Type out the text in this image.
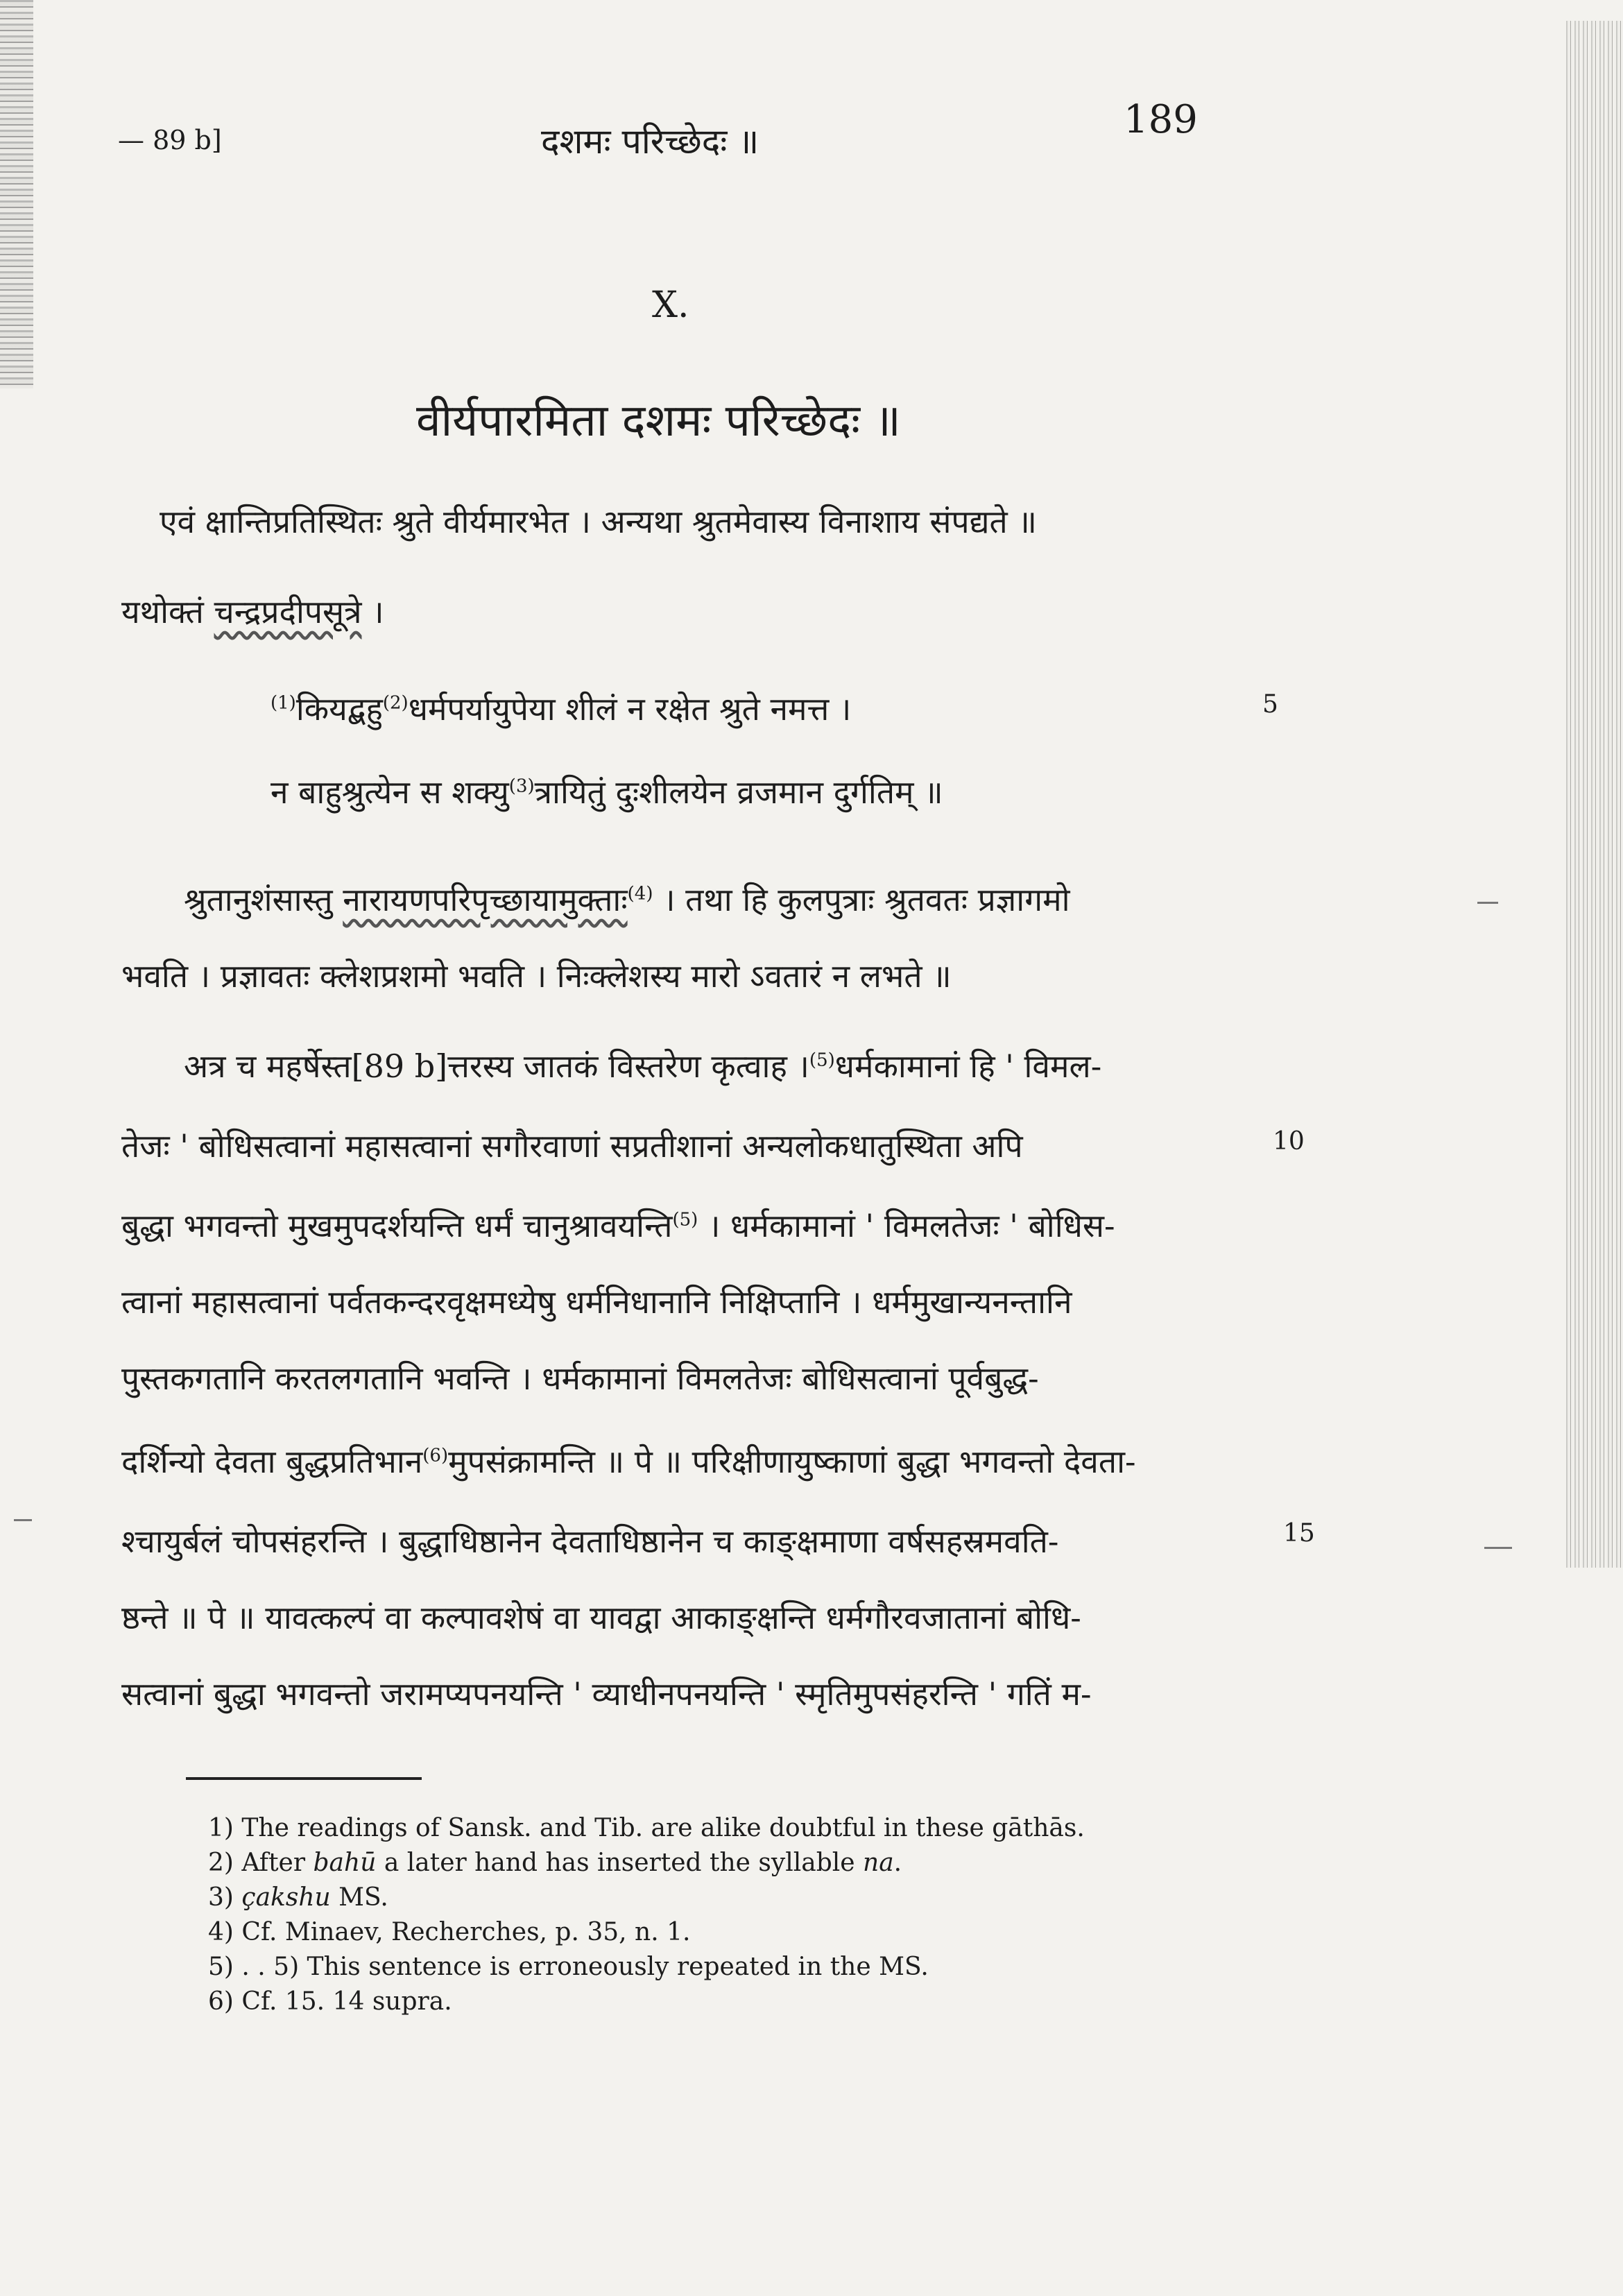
— 89 b]	दशमः परिच्छेदः ॥	189
X.
वीर्यपारमिता दशमः परिच्छेदः ॥
एवं क्षान्तिप्रतिस्थितः श्रुते वीर्यमारभेत । अन्यथा श्रुतमेवास्य विनाशाय संपद्यते ॥
यथोक्तं चन्द्रप्रदीपसूत्रे ।
$^{(1)}$कियद्बहु$^{(2)}$धर्मपर्यायुपेया शीलं न रक्षेत श्रुते नमत्त ।	5
न बाहुश्रुत्येन स शक्यु$^{(3)}$त्रायितुं दुःशीलयेन व्रजमान दुर्गतिम् ॥
श्रुतानुशंसास्तु नारायणपरिपृच्छायामुक्ताः$^{(4)}$ । तथा हि कुलपुत्राः श्रुतवतः प्रज्ञागमो
भवति । प्रज्ञावतः क्लेशप्रशमो भवति । निःक्लेशस्य मारो ऽवतारं न लभते ॥
अत्र च महर्षेस्त[89 b]त्तरस्य जातकं विस्तरेण कृत्वाह ।$^{(5)}$धर्मकामानां हि ' विमल-
तेजः ' बोधिसत्वानां महासत्वानां सगौरवाणां सप्रतीशानां अन्यलोकधातुस्थिता अपि	10
बुद्धा भगवन्तो मुखमुपदर्शयन्ति धर्मं चानुश्रावयन्ति$^{(5)}$ । धर्मकामानां ' विमलतेजः ' बोधिस-
त्वानां महासत्वानां पर्वतकन्दरवृक्षमध्येषु धर्मनिधानानि निक्षिप्तानि । धर्ममुखान्यनन्तानि
पुस्तकगतानि करतलगतानि भवन्ति । धर्मकामानां विमलतेजः बोधिसत्वानां पूर्वबुद्ध-
दर्शिन्यो देवता बुद्धप्रतिभान$^{(6)}$मुपसंक्रामन्ति ॥ पे ॥ परिक्षीणायुष्काणां बुद्धा भगवन्तो देवता-
श्चायुर्बलं चोपसंहरन्ति । बुद्धाधिष्ठानेन देवताधिष्ठानेन च काङ्क्षमाणा वर्षसहस्रमवति-	15
ष्ठन्ते ॥ पे ॥ यावत्कल्पं वा कल्पावशेषं वा यावद्वा आकाङ्क्षन्ति धर्मगौरवजातानां बोधि-
सत्वानां बुद्धा भगवन्तो जरामप्यपनयन्ति ' व्याधीनपनयन्ति ' स्मृतिमुपसंहरन्ति ' गतिं म-
1) The readings of Sansk. and Tib. are alike doubtful in these gāthās.
2) After bahū a later hand has inserted the syllable na.
3) çakshu MS.
4) Cf. Minaev, Recherches, p. 35, n. 1.
5) . . 5) This sentence is erroneously repeated in the MS.
6) Cf. 15. 14 supra.
